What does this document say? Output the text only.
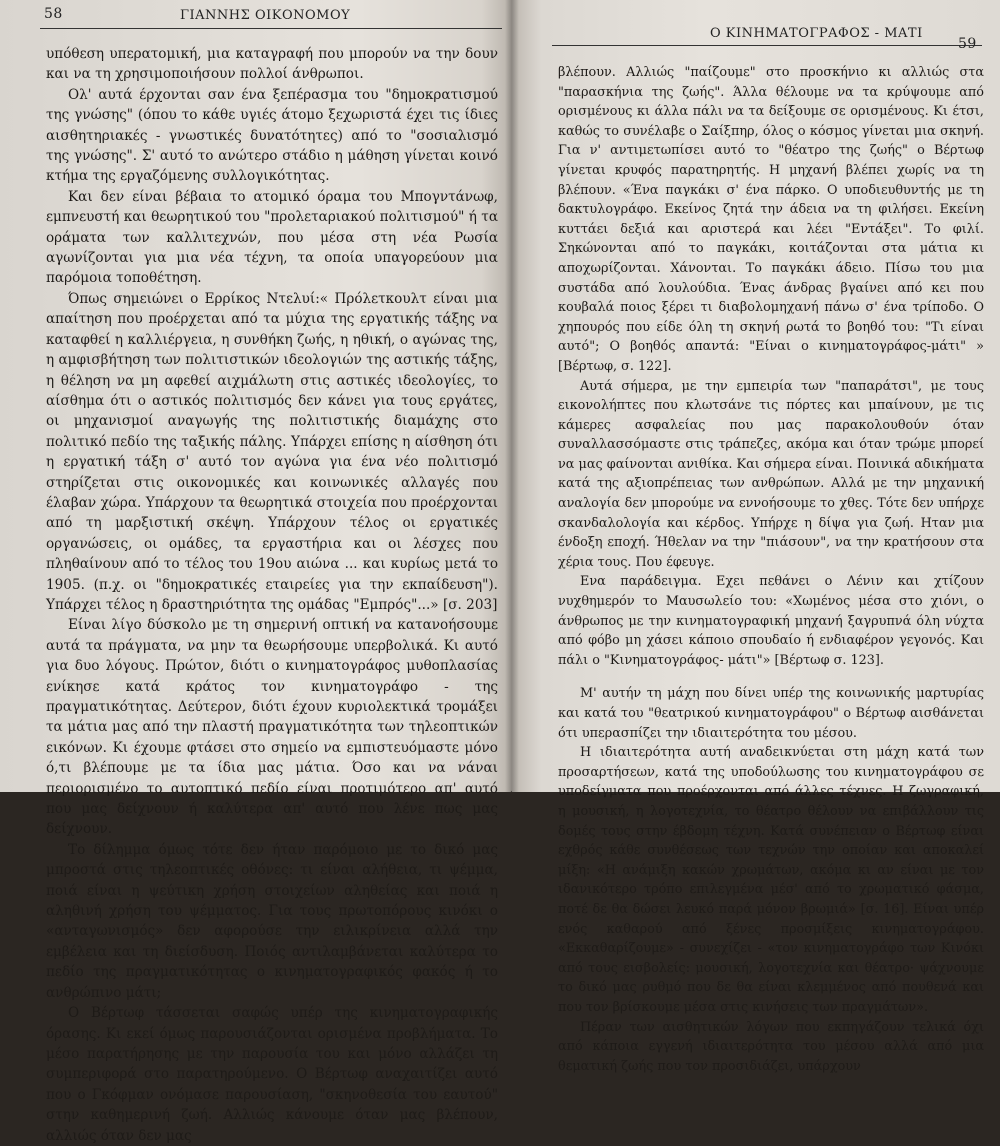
58	ΓΙΑΝΝΗΣ ΟΙΚΟΝΟΜΟΥ

υπόθεση υπερατομική, μια καταγραφή που μπορούν να την δουν και να τη χρησιμοποιήσουν πολλοί άνθρωποι.

Ολ' αυτά έρχονται σαν ένα ξεπέρασμα του "δημοκρατισμού της γνώσης" (όπου το κάθε υγιές άτομο ξεχωριστά έχει τις ίδιες αισθητηριακές - γνωστικές δυνατότητες) από το "σοσιαλισμό της γνώσης". Σ' αυτό το ανώτερο στάδιο η μάθηση γίνεται κοινό κτήμα της εργαζόμενης συλλογικότητας.

Και δεν είναι βέβαια το ατομικό όραμα του Μπογντάνωφ, εμπνευστή και θεωρητικού του "προλεταριακού πολιτισμού" ή τα οράματα των καλλιτεχνών, που μέσα στη νέα Ρωσία αγωνίζονται για μια νέα τέχνη, τα οποία υπαγορεύουν μια παρόμοια τοποθέτηση.

Όπως σημειώνει ο Ερρίκος Ντελυί:« Πρόλετκουλτ είναι μια απαίτηση που προέρχεται από τα μύχια της εργατικής τάξης να καταφθεί η καλλιέργεια, η συνθήκη ζωής, η ηθική, ο αγώνας της, η αμφισβήτηση των πολιτιστικών ιδεολογιών της αστικής τάξης, η θέληση να μη αφεθεί αιχμάλωτη στις αστικές ιδεολογίες, το αίσθημα ότι ο αστικός πολιτισμός δεν κάνει για τους εργάτες, οι μηχανισμοί αναγωγής της πολιτιστικής διαμάχης στο πολιτικό πεδίο της ταξικής πάλης. Υπάρχει επίσης η αίσθηση ότι η εργατική τάξη σ' αυτό τον αγώνα για ένα νέο πολιτισμό στηρίζεται στις οικονομικές και κοινωνικές αλλαγές που έλαβαν χώρα. Υπάρχουν τα θεωρητικά στοιχεία που προέρχονται από τη μαρξιστική σκέψη. Υπάρχουν τέλος οι εργατικές οργανώσεις, οι ομάδες, τα εργαστήρια και οι λέσχες που πληθαίνουν από το τέλος του 19ου αιώνα ... και κυρίως μετά το 1905. (π.χ. οι "δημοκρατικές εταιρείες για την εκπαίδευση"). Υπάρχει τέλος η δραστηριότητα της ομάδας "Εμπρός"...» [σ. 203]

Είναι λίγο δύσκολο με τη σημερινή οπτική να κατανοήσουμε αυτά τα πράγματα, να μην τα θεωρήσουμε υπερβολικά. Κι αυτό για δυο λόγους. Πρώτον, διότι ο κινηματογράφος μυθοπλασίας ενίκησε κατά κράτος τον κινηματογράφο - της πραγματικότητας. Δεύτερον, διότι έχουν κυριολεκτικά τρομάξει τα μάτια μας από την πλαστή πραγματικότητα των τηλεοπτικών εικόνων. Κι έχουμε φτάσει στο σημείο να εμπιστευόμαστε μόνο ό,τι βλέπουμε με τα ίδια μας μάτια. Όσο και να νάναι περιορισμένο το αυτοπτικό πεδίο είναι προτιμότερο απ' αυτό που μας δείχνουν ή καλύτερα απ' αυτό που λένε πως μας δείχνουν.

Το δίλημμα όμως τότε δεν ήταν παρόμοιο με το δικό μας μπροστά στις τηλεοπτικές οθόνες: τι είναι αλήθεια, τι ψέμμα, ποιά είναι η ψεύτικη χρήση στοιχείων αληθείας και ποιά η αληθινή χρήση του ψέμματος. Για τους πρωτοπόρους κινόκι ο «ανταγωνισμός» δεν αφορούσε την ειλικρίνεια αλλά την εμβέλεια και τη διείσδυση. Ποιός αντιλαμβάνεται καλύτερα το πεδίο της πραγματικότητας ο κινηματογραφικός φακός ή το ανθρώπινο μάτι;

Ο Βέρτωφ τάσσεται σαφώς υπέρ της κινηματογραφικής όρασης. Κι εκεί όμως παρουσιάζονται ορισμένα προβλήματα. Το μέσο παρατήρησης με την παρουσία του και μόνο αλλάζει τη συμπεριφορά στο παρατηρούμενο. Ο Βέρτωφ αναχαιτίζει αυτό που ο Γκόφμαν ονόμασε παρουσίαση, "σκηνοθεσία του εαυτού" στην καθημερινή ζωή. Αλλιώς κάνουμε όταν μας βλέπουν, αλλιώς όταν δεν μας

Ο ΚΙΝΗΜΑΤΟΓΡΑΦΟΣ - ΜΑΤΙ
59

βλέπουν. Αλλιώς "παίζουμε" στο προσκήνιο κι αλλιώς στα "παρασκήνια της ζωής". Άλλα θέλουμε να τα κρύψουμε από ορισμένους κι άλλα πάλι να τα δείξουμε σε ορισμένους. Κι έτσι, καθώς το συνέλαβε ο Σαίξπηρ, όλος ο κόσμος γίνεται μια σκηνή. Για ν' αντιμετωπίσει αυτό το "θέατρο της ζωής" ο Βέρτωφ γίνεται κρυφός παρατηρητής. Η μηχανή βλέπει χωρίς να τη βλέπουν. «Ένα παγκάκι σ' ένα πάρκο. Ο υποδιευθυντής με τη δακτυλογράφο. Εκείνος ζητά την άδεια να τη φιλήσει. Εκείνη κυττάει δεξιά και αριστερά και λέει "Εντάξει". Το φιλί. Σηκώνονται από το παγκάκι, κοιτάζονται στα μάτια κι αποχωρίζονται. Χάνονται. Το παγκάκι άδειο. Πίσω του μια συστάδα από λουλούδια. Ένας άνδρας βγαίνει από κει που κουβαλά ποιος ξέρει τι διαβολομηχανή πάνω σ' ένα τρίποδο. Ο χηπουρός που είδε όλη τη σκηνή ρωτά το βοηθό του: "Τι είναι αυτό"; Ο βοηθός απαντά: "Είναι ο κινηματογράφος-μάτι" » [Βέρτωφ, σ. 122].

Αυτά σήμερα, με την εμπειρία των "παπαράτσι", με τους εικονολήπτες που κλωτσάνε τις πόρτες και μπαίνουν, με τις κάμερες ασφαλείας που μας παρακολουθούν όταν συναλλασσόμαστε στις τράπεζες, ακόμα και όταν τρώμε μπορεί να μας φαίνονται ανιθίκα. Και σήμερα είναι. Ποινικά αδικήματα κατά της αξιοπρέπειας των ανθρώπων. Αλλά με την μηχανική αναλογία δεν μπορούμε να εννοήσουμε το χθες. Τότε δεν υπήρχε σκανδαλολογία και κέρδος. Υπήρχε η δίψα για ζωή. Ηταν μια ένδοξη εποχή. Ήθελαν να την "πιάσουν", να την κρατήσουν στα χέρια τους. Που έφευγε.

Ενα παράδειγμα. Εχει πεθάνει ο Λένιν και χτίζουν νυχθημερόν το Μαυσωλείο του: «Χωμένος μέσα στο χιόνι, ο άνθρωπος με την κινηματογραφική μηχανή ξαγρυπνά όλη νύχτα από φόβο μη χάσει κάποιο σπουδαίο ή ενδιαφέρον γεγονός. Και πάλι ο "Κινηματογράφος- μάτι"» [Βέρτωφ σ. 123].

Μ' αυτήν τη μάχη που δίνει υπέρ της κοινωνικής μαρτυρίας και κατά του "θεατρικού κινηματογράφου" ο Βέρτωφ αισθάνεται ότι υπερασπίζει την ιδιαιτερότητα του μέσου.

Η ιδιαιτερότητα αυτή αναδεικνύεται στη μάχη κατά των προσαρτήσεων, κατά της υποδούλωσης του κινηματογράφου σε υποδείγματα που προέρχονται από άλλες τέχνες. Η ζωγραφική, η μουσική, η λογοτεχνία, το θέατρο θέλουν να επιβάλλουν τις δομές τους στην έβδομη τέχνη. Κατά συνέπειαν ο Βέρτωφ είναι εχθρός κάθε συνθέσεως των τεχνών την οποίαν και αποκαλεί μίξη: «Η ανάμιξη κακών χρωμάτων, ακόμα κι αν είναι με τον ιδανικότερο τρόπο επιλεγμένα μέσ' από το χρωματικό φάσμα, ποτέ δε θα δώσει λευκό παρά μόνον βρωμιά» [σ. 16]. Είναι υπέρ ενός καθαρού από ξένες προσμίξεις κινηματογράφου. «Εκκαθαρίζουμε» - συνεχίζει - «τον κινηματογράφο των Κινόκι από τους εισβολείς: μουσική, λογοτεχνία και θέατρο· ψάχνουμε το δικό μας ρυθμό που δε θα είναι κλεμμένος από πουθενά και που τον βρίσκουμε μέσα στις κινήσεις των πραγμάτων».

Πέραν των αισθητικών λόγων που εκπηγάζουν τελικά όχι από κάποια εγγενή ιδιαιτερότητα του μέσου αλλά από μια θεματική ζωής που τον προσιδιάζει, υπάρχουν
